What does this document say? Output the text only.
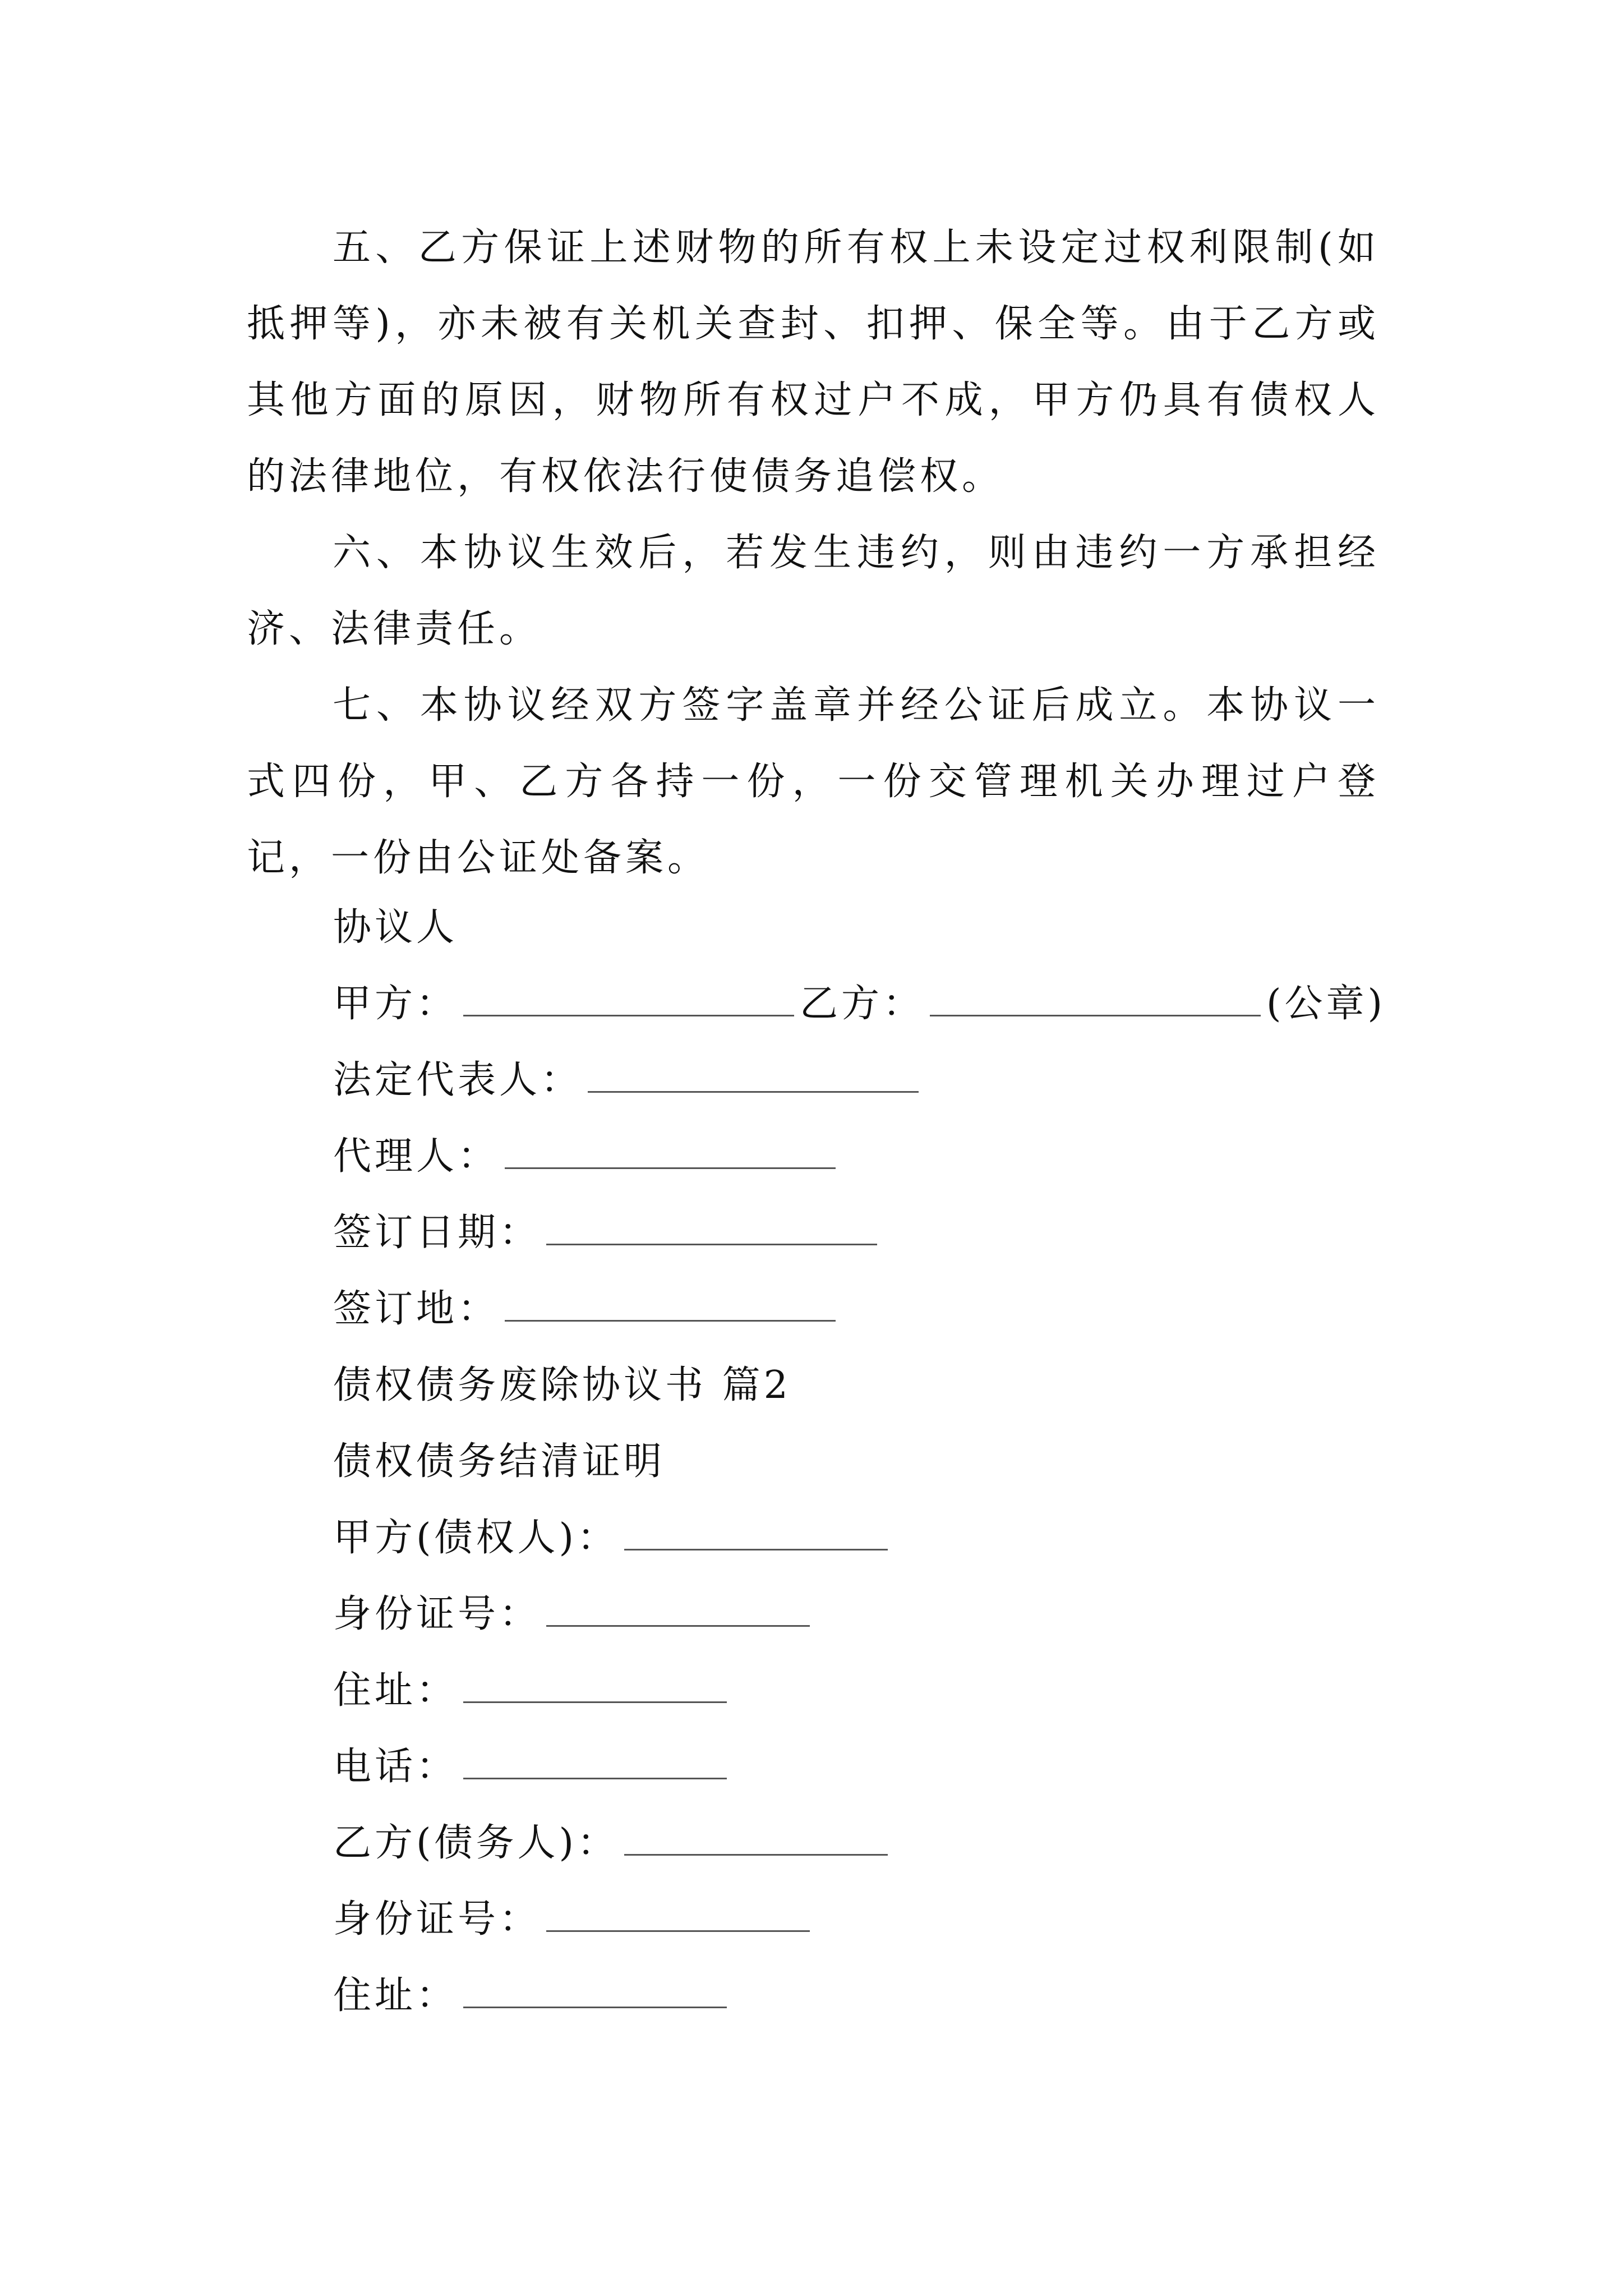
五、乙方保证上述财物的所有权上未设定过权利限制(如抵押等)，亦未被有关机关查封、扣押、保全等。由于乙方或其他方面的原因，财物所有权过户不成，甲方仍具有债权人的法律地位，有权依法行使债务追偿权。

六、本协议生效后，若发生违约，则由违约一方承担经济、法律责任。

七、本协议经双方签字盖章并经公证后成立。本协议一式四份，甲、乙方各持一份，一份交管理机关办理过户登记，一份由公证处备案。

协议人

甲方：	乙方：	(公章)

法定代表人：

代理人：

签订日期：

签订地：

债权债务废除协议书 篇2

债权债务结清证明

甲方(债权人)：

身份证号：

住址：

电话：

乙方(债务人)：

身份证号：

住址：
